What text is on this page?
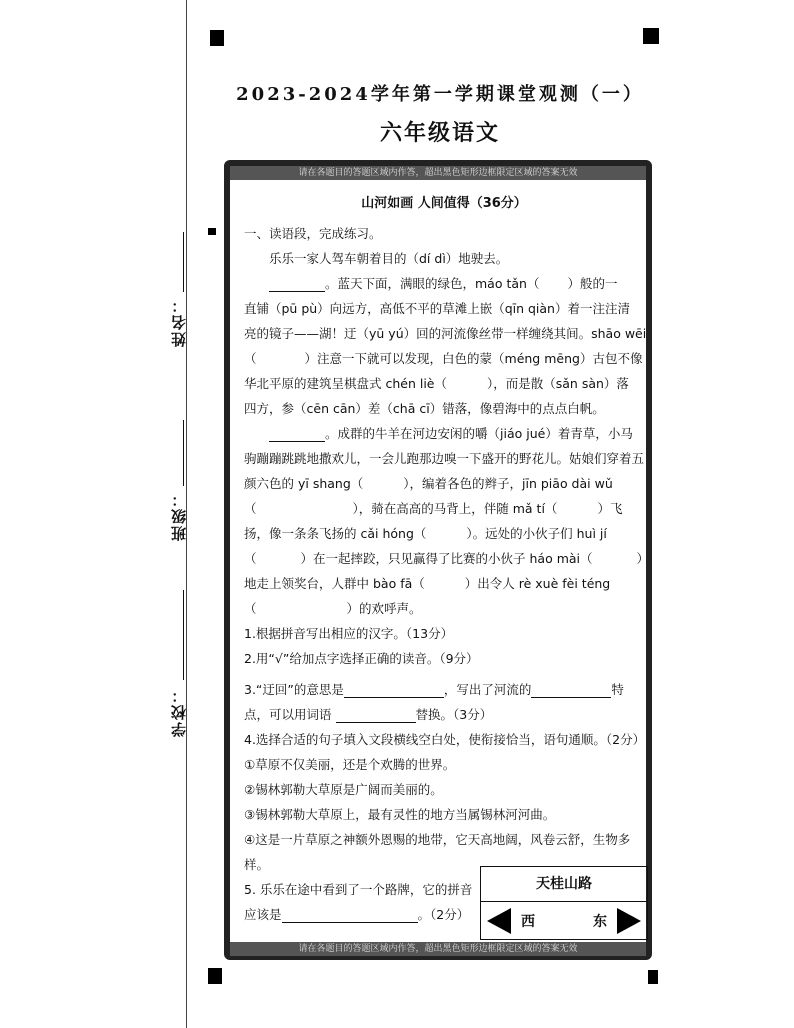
姓名：
班级：
学校：
2023-2024学年第一学期课堂观测（一）
六年级语文
请在各题目的答题区域内作答，超出黑色矩形边框限定区域的答案无效
请在各题目的答题区域内作答，超出黑色矩形边框限定区域的答案无效
山河如画 人间值得（36分）
一、读语段，完成练习。
乐乐一家人驾车朝着目的（dí dì）地驶去。
。蓝天下面，满眼的绿色，máo tǎn（ ）般的一
直铺（pū pù）向远方，高低不平的草滩上嵌（qīn qiàn）着一注注清
亮的镜子——湖！迂（yū yú）回的河流像丝带一样缠绕其间。shāo wēi
（	）注意一下就可以发现，白色的蒙（méng mēng）古包不像
华北平原的建筑呈棋盘式 chén liè（	），而是散（sǎn sàn）落
四方，参（cēn cān）差（chā cī）错落，像碧海中的点点白帆。
。成群的牛羊在河边安闲的嚼（jiáo jué）着青草，小马
驹蹦蹦跳跳地撒欢儿，一会儿跑那边嗅一下盛开的野花儿。姑娘们穿着五
颜六色的 yī shang（	），编着各色的辫子，jīn piāo dài wǔ
（	），骑在高高的马背上，伴随 mǎ tí（	）飞
扬，像一条条飞扬的 cǎi hóng（	）。远处的小伙子们 huì jí
（	）在一起摔跤，只见赢得了比赛的小伙子 háo mài（	）
地走上领奖台，人群中 bào fā（	）出令人 rè xuè fèi téng
（	）的欢呼声。
1.根据拼音写出相应的汉字。（13分）
2.用“√”给加点字选择正确的读音。（9分）
3.“迂回”的意思是	，写出了河流的	特
点，可以用词语	替换。（3分）
4.选择合适的句子填入文段横线空白处，使衔接恰当，语句通顺。（2分）
①草原不仅美丽，还是个欢腾的世界。
②锡林郭勒大草原是广阔而美丽的。
③锡林郭勒大草原上，最有灵性的地方当属锡林河河曲。
④这是一片草原之神额外恩赐的地带，它天高地阔，风卷云舒，生物多
样。
5. 乐乐在途中看到了一个路牌，它的拼音
应该是	。（2分）
天桂山路
西	东
